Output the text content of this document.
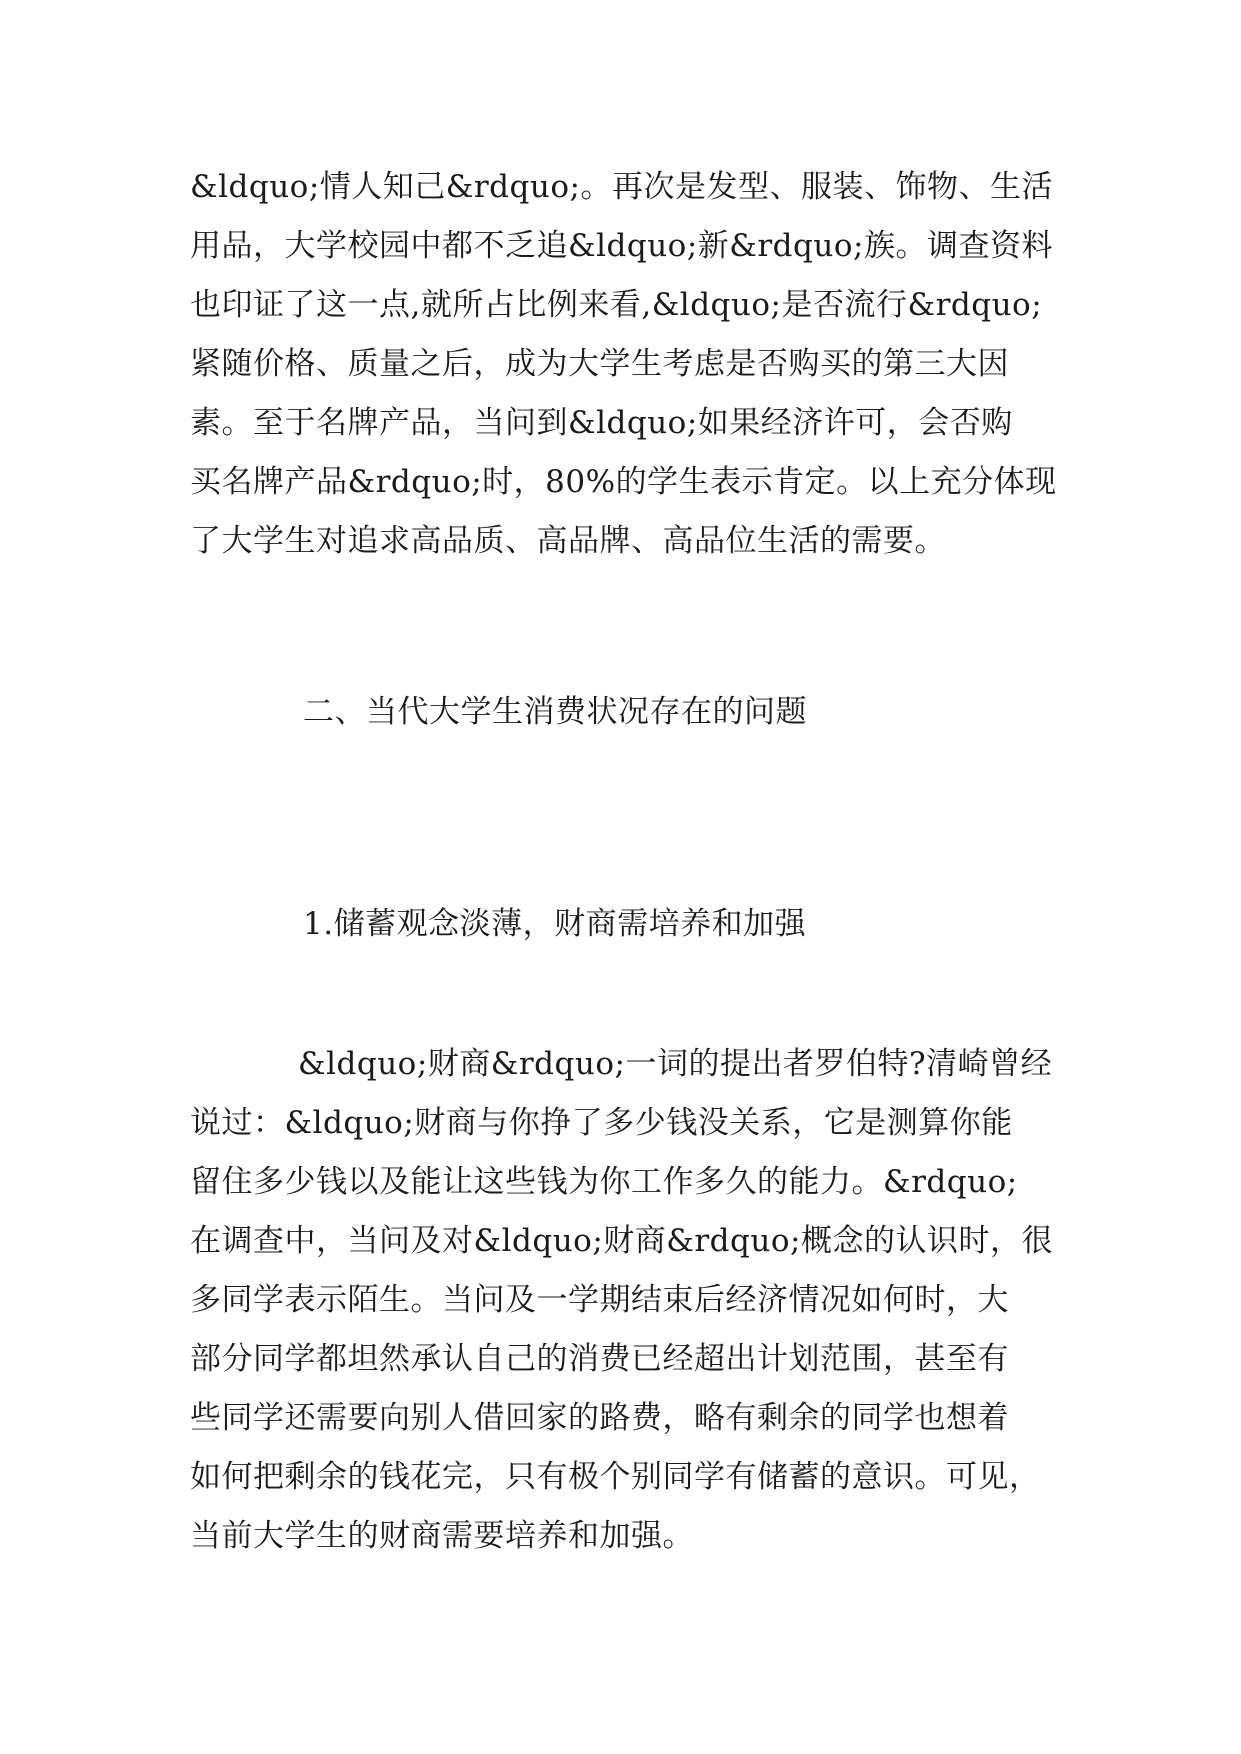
&ldquo;情人知己&rdquo;。再次是发型、服装、饰物、生活
用品，大学校园中都不乏追&ldquo;新&rdquo;族。调查资料
也印证了这一点,就所占比例来看,&ldquo;是否流行&rdquo;
紧随价格、质量之后，成为大学生考虑是否购买的第三大因
素。至于名牌产品，当问到&ldquo;如果经济许可，会否购
买名牌产品&rdquo;时，80%的学生表示肯定。以上充分体现
了大学生对追求高品质、高品牌、高品位生活的需要。
二、当代大学生消费状况存在的问题
1.储蓄观念淡薄，财商需培养和加强
&ldquo;财商&rdquo;一词的提出者罗伯特?清崎曾经
说过：&ldquo;财商与你挣了多少钱没关系，它是测算你能
留住多少钱以及能让这些钱为你工作多久的能力。&rdquo;
在调查中，当问及对&ldquo;财商&rdquo;概念的认识时，很
多同学表示陌生。当问及一学期结束后经济情况如何时，大
部分同学都坦然承认自己的消费已经超出计划范围，甚至有
些同学还需要向别人借回家的路费，略有剩余的同学也想着
如何把剩余的钱花完，只有极个别同学有储蓄的意识。可见，
当前大学生的财商需要培养和加强。
